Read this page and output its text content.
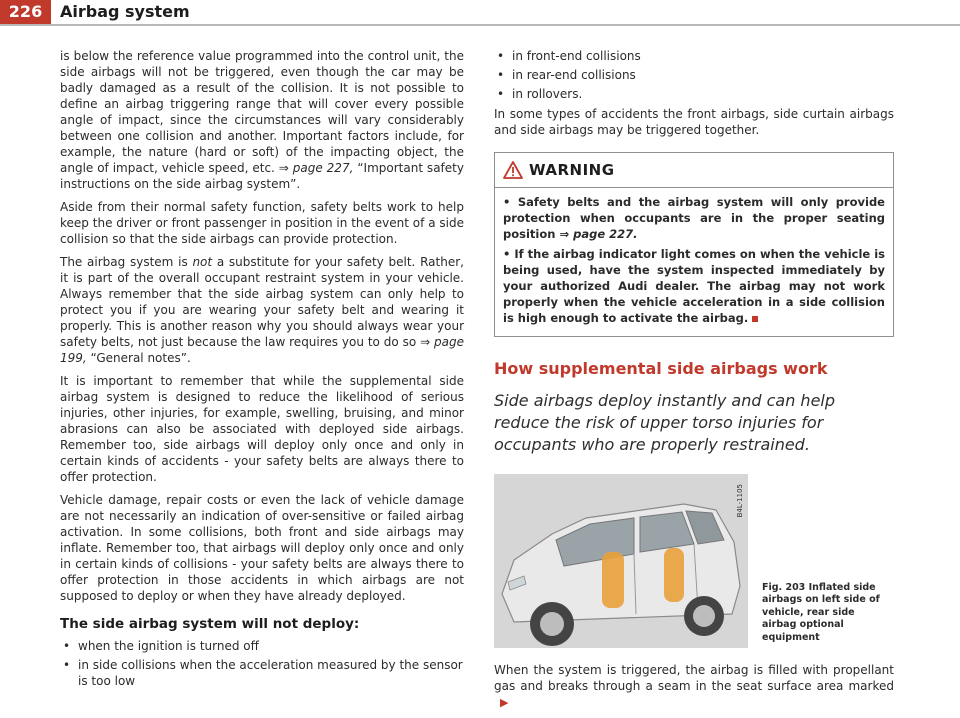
226	Airbag system

is below the reference value programmed into the control unit, the side airbags will not be triggered, even though the car may be badly damaged as a result of the collision. It is not possible to define an airbag triggering range that will cover every possible angle of impact, since the circumstances will vary considerably between one collision and another. Important factors include, for example, the nature (hard or soft) of the impacting object, the angle of impact, vehicle speed, etc. ⇒ page 227, “Important safety instructions on the side airbag system”.

Aside from their normal safety function, safety belts work to help keep the driver or front passenger in position in the event of a side collision so that the side airbags can provide protection.

The airbag system is not a substitute for your safety belt. Rather, it is part of the overall occupant restraint system in your vehicle. Always remember that the side airbag system can only help to protect you if you are wearing your safety belt and wearing it properly. This is another reason why you should always wear your safety belts, not just because the law requires you to do so ⇒ page 199, “General notes”.

It is important to remember that while the supplemental side airbag system is designed to reduce the likelihood of serious injuries, other injuries, for example, swelling, bruising, and minor abrasions can also be associated with deployed side airbags. Remember too, side airbags will deploy only once and only in certain kinds of accidents - your safety belts are always there to offer protection.

Vehicle damage, repair costs or even the lack of vehicle damage are not necessarily an indication of over-sensitive or failed airbag activation. In some collisions, both front and side airbags may inflate. Remember too, that airbags will deploy only once and only in certain kinds of collisions - your safety belts are always there to offer protection in those accidents in which airbags are not supposed to deploy or when they have already deployed.

The side airbag system will not deploy:
• when the ignition is turned off
• in side collisions when the acceleration measured by the sensor is too low
• in front-end collisions
• in rear-end collisions
• in rollovers.

In some types of accidents the front airbags, side curtain airbags and side airbags may be triggered together.

WARNING

• Safety belts and the airbag system will only provide protection when occupants are in the proper seating position ⇒ page 227.

• If the airbag indicator light comes on when the vehicle is being used, have the system inspected immediately by your authorized Audi dealer. The airbag may not work properly when the vehicle acceleration in a side collision is high enough to activate the airbag.

How supplemental side airbags work
Side airbags deploy instantly and can help reduce the risk of upper torso injuries for occupants who are properly restrained.
B4L-1105
Fig. 203 Inflated side airbags on left side of vehicle, rear side airbag optional equipment

When the system is triggered, the airbag is filled with propellant gas and breaks through a seam in the seat surface area marked ▶
